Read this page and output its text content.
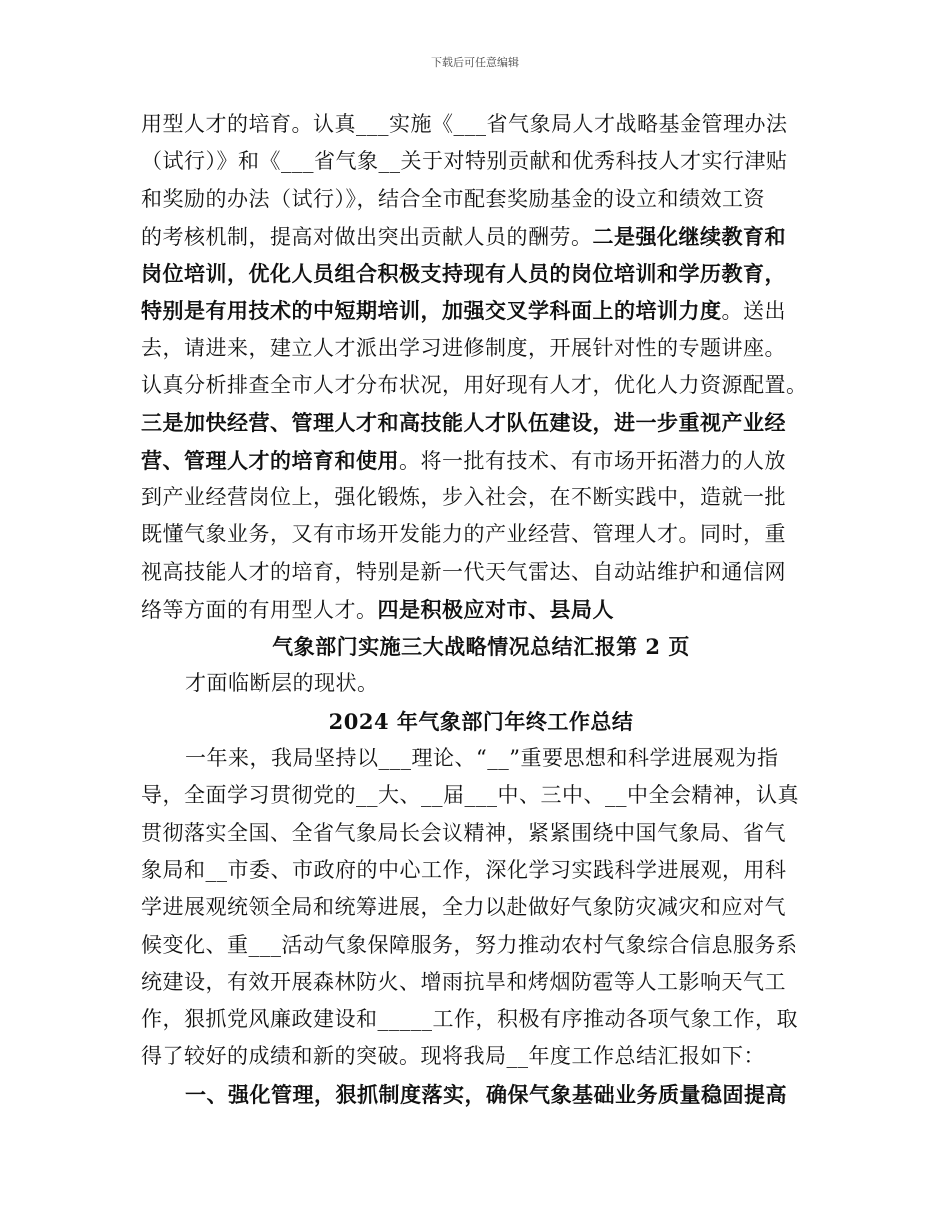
下载后可任意编辑
用型人才的培育。认真___实施《___省气象局人才战略基金管理办法
（试行）》和《___省气象__关于对特别贡献和优秀科技人才实行津贴
和奖励的办法（试行）》，结合全市配套奖励基金的设立和绩效工资
的考核机制，提高对做出突出贡献人员的酬劳。二是强化继续教育和
岗位培训，优化人员组合积极支持现有人员的岗位培训和学历教育，
特别是有用技术的中短期培训，加强交叉学科面上的培训力度。送出
去，请进来，建立人才派出学习进修制度，开展针对性的专题讲座。
认真分析排查全市人才分布状况，用好现有人才，优化人力资源配置。
三是加快经营、管理人才和高技能人才队伍建设，进一步重视产业经
营、管理人才的培育和使用。将一批有技术、有市场开拓潜力的人放
到产业经营岗位上，强化锻炼，步入社会，在不断实践中，造就一批
既懂气象业务，又有市场开发能力的产业经营、管理人才。同时，重
视高技能人才的培育，特别是新一代天气雷达、自动站维护和通信网
络等方面的有用型人才。四是积极应对市、县局人
气象部门实施三大战略情况总结汇报第 2 页
才面临断层的现状。
2024 年气象部门年终工作总结
一年来，我局坚持以___理论、“__”重要思想和科学进展观为指
导，全面学习贯彻党的__大、__届___中、三中、__中全会精神，认真
贯彻落实全国、全省气象局长会议精神，紧紧围绕中国气象局、省气
象局和__市委、市政府的中心工作，深化学习实践科学进展观，用科
学进展观统领全局和统筹进展，全力以赴做好气象防灾减灾和应对气
候变化、重___活动气象保障服务，努力推动农村气象综合信息服务系
统建设，有效开展森林防火、增雨抗旱和烤烟防雹等人工影响天气工
作，狠抓党风廉政建设和_____工作，积极有序推动各项气象工作，取
得了较好的成绩和新的突破。现将我局__年度工作总结汇报如下：
一、强化管理，狠抓制度落实，确保气象基础业务质量稳固提高
